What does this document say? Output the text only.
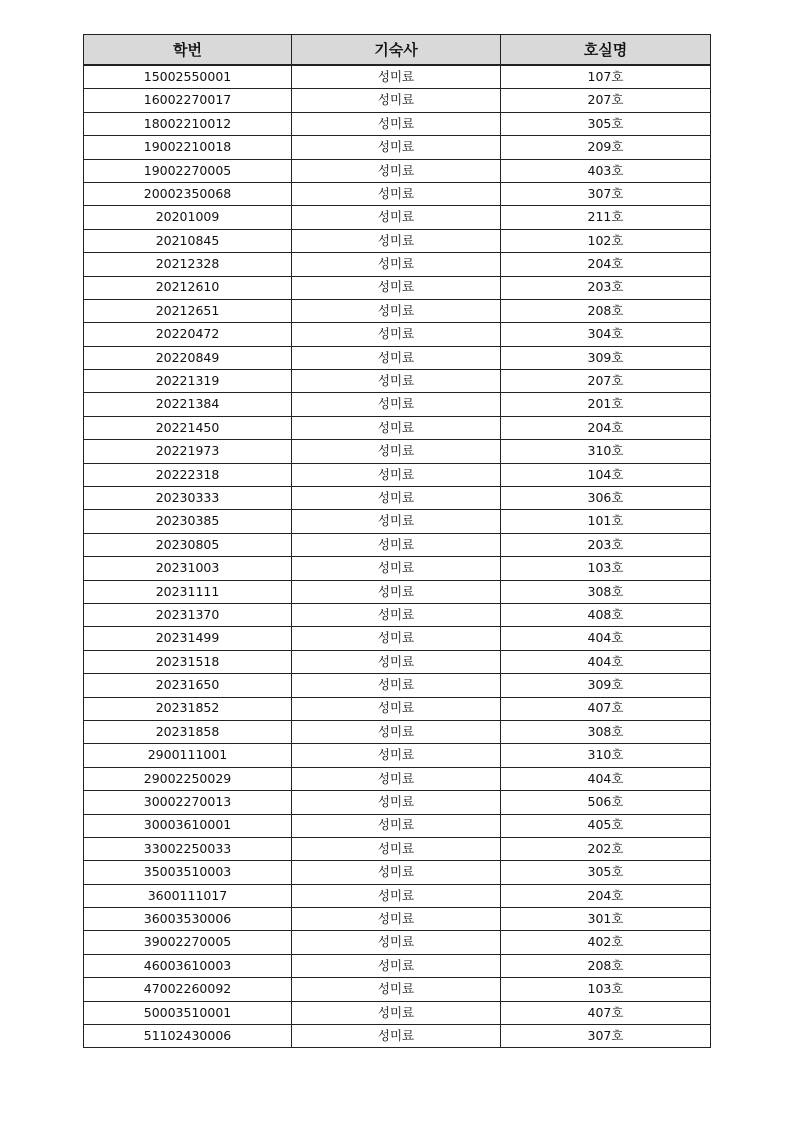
학번	기숙사	호실명
15002550001	성미료	107호
16002270017	성미료	207호
18002210012	성미료	305호
19002210018	성미료	209호
19002270005	성미료	403호
20002350068	성미료	307호
20201009	성미료	211호
20210845	성미료	102호
20212328	성미료	204호
20212610	성미료	203호
20212651	성미료	208호
20220472	성미료	304호
20220849	성미료	309호
20221319	성미료	207호
20221384	성미료	201호
20221450	성미료	204호
20221973	성미료	310호
20222318	성미료	104호
20230333	성미료	306호
20230385	성미료	101호
20230805	성미료	203호
20231003	성미료	103호
20231111	성미료	308호
20231370	성미료	408호
20231499	성미료	404호
20231518	성미료	404호
20231650	성미료	309호
20231852	성미료	407호
20231858	성미료	308호
2900111001	성미료	310호
29002250029	성미료	404호
30002270013	성미료	506호
30003610001	성미료	405호
33002250033	성미료	202호
35003510003	성미료	305호
3600111017	성미료	204호
36003530006	성미료	301호
39002270005	성미료	402호
46003610003	성미료	208호
47002260092	성미료	103호
50003510001	성미료	407호
51102430006	성미료	307호
